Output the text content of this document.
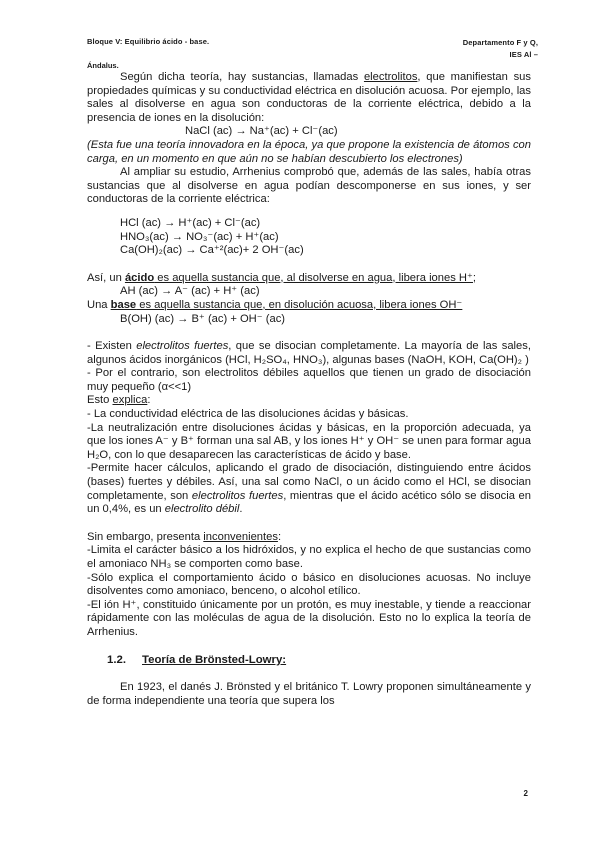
Bloque V: Equilibrio ácido - base.	Departamento F y Q,
IES Al –
Ándalus.

Según dicha teoría, hay sustancias, llamadas electrolitos, que manifiestan sus propiedades químicas y su conductividad eléctrica en disolución acuosa. Por ejemplo, las sales al disolverse en agua son conductoras de la corriente eléctrica, debido a la presencia de iones en la disolución:

NaCl (ac) → Na⁺(ac) + Cl⁻(ac)

(Esta fue una teoría innovadora en la época, ya que propone la existencia de átomos con carga, en un momento en que aún no se habían descubierto los electrones)

Al ampliar su estudio, Arrhenius comprobó que, además de las sales, había otras sustancias que al disolverse en agua podían descomponerse en sus iones, y ser conductoras de la corriente eléctrica:

HCl (ac) → H⁺(ac) + Cl⁻(ac)

HNO₃(ac) → NO₃⁻(ac) + H⁺(ac)

Ca(OH)₂(ac) → Ca⁺²(ac)+ 2 OH⁻(ac)

Así, un ácido es aquella sustancia que, al disolverse en agua, libera iones H⁺;

AH (ac) → A⁻ (ac) + H⁺ (ac)

Una base es aquella sustancia que, en disolución acuosa, libera iones OH⁻

B(OH) (ac) → B⁺ (ac) + OH⁻ (ac)

- Existen electrolitos fuertes, que se disocian completamente. La mayoría de las sales, algunos ácidos inorgánicos (HCl, H₂SO₄, HNO₃), algunas bases (NaOH, KOH, Ca(OH)₂ )

- Por el contrario, son electrolitos débiles aquellos que tienen un grado de disociación muy pequeño (α<<1)

Esto explica:

- La conductividad eléctrica de las disoluciones ácidas y básicas.

-La neutralización entre disoluciones ácidas y básicas, en la proporción adecuada, ya que los iones A⁻ y B⁺ forman una sal AB, y los iones H⁺ y OH⁻ se unen para formar agua H₂O, con lo que desaparecen las características de ácido y base.

-Permite hacer cálculos, aplicando el grado de disociación, distinguiendo entre ácidos (bases) fuertes y débiles. Así, una sal como NaCl, o un ácido como el HCl, se disocian completamente, son electrolitos fuertes, mientras que el ácido acético sólo se disocia en un 0,4%, es un electrolito débil.

Sin embargo, presenta inconvenientes:

-Limita el carácter básico a los hidróxidos, y no explica el hecho de que sustancias como el amoniaco NH₃ se comporten como base.

-Sólo explica el comportamiento ácido o básico en disoluciones acuosas. No incluye disolventes como amoniaco, benceno, o alcohol etílico.

-El ión H⁺, constituido únicamente por un protón, es muy inestable, y tiende a reaccionar rápidamente con las moléculas de agua de la disolución. Esto no lo explica la teoría de Arrhenius.

1.2. Teoría de Brönsted-Lowry:

En 1923, el danés J. Brönsted y el británico T. Lowry proponen simultáneamente y de forma independiente una teoría que supera los

2
